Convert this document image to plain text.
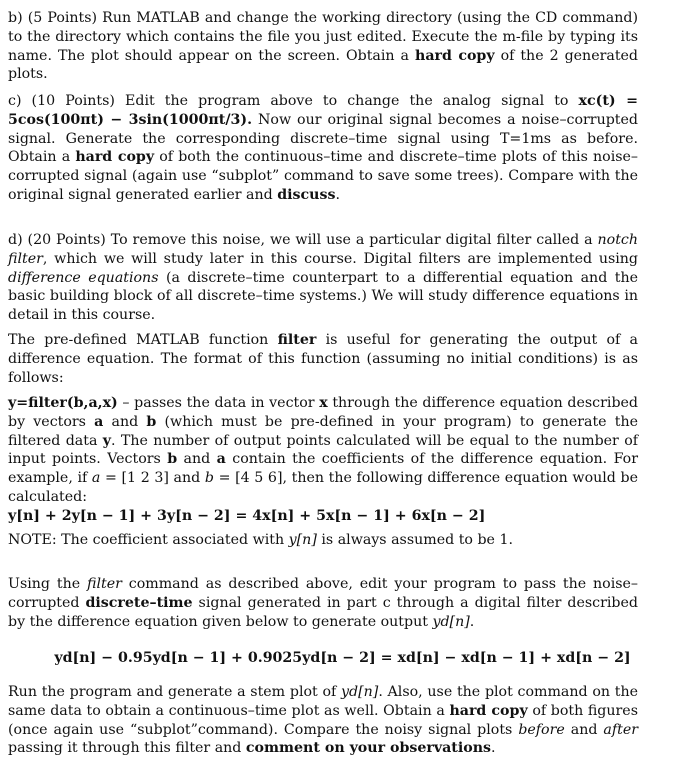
b) (5 Points) Run MATLAB and change the working directory (using the CD command) to the directory which contains the file you just edited. Execute the m-file by typing its name. The plot should appear on the screen. Obtain a hard copy of the 2 generated plots.

c) (10 Points) Edit the program above to change the analog signal to xc(t) = 5cos(100πt) − 3sin(1000πt/3). Now our original signal becomes a noise–corrupted signal. Generate the corresponding discrete–time signal using T=1ms as before. Obtain a hard copy of both the continuous–time and discrete–time plots of this noise–corrupted signal (again use “subplot” command to save some trees). Compare with the original signal generated earlier and discuss.

d) (20 Points) To remove this noise, we will use a particular digital filter called a notch filter, which we will study later in this course. Digital filters are implemented using difference equations (a discrete–time counterpart to a differential equation and the basic building block of all discrete–time systems.) We will study difference equations in detail in this course.

The pre-defined MATLAB function filter is useful for generating the output of a difference equation. The format of this function (assuming no initial conditions) is as follows:

y=filter(b,a,x) – passes the data in vector x through the difference equation described by vectors a and b (which must be pre-defined in your program) to generate the filtered data y. The number of output points calculated will be equal to the number of input points. Vectors b and a contain the coefficients of the difference equation. For example, if a = [1 2 3] and b = [4 5 6], then the following difference equation would be calculated:
y[n] + 2y[n − 1] + 3y[n − 2] = 4x[n] + 5x[n − 1] + 6x[n − 2]

NOTE: The coefficient associated with y[n] is always assumed to be 1.

Using the filter command as described above, edit your program to pass the noise–corrupted discrete–time signal generated in part c through a digital filter described by the difference equation given below to generate output yd[n].

yd[n] − 0.95yd[n − 1] + 0.9025yd[n − 2] = xd[n] − xd[n − 1] + xd[n − 2]

Run the program and generate a stem plot of yd[n]. Also, use the plot command on the same data to obtain a continuous–time plot as well. Obtain a hard copy of both figures (once again use “subplot”command). Compare the noisy signal plots before and after passing it through this filter and comment on your observations.
